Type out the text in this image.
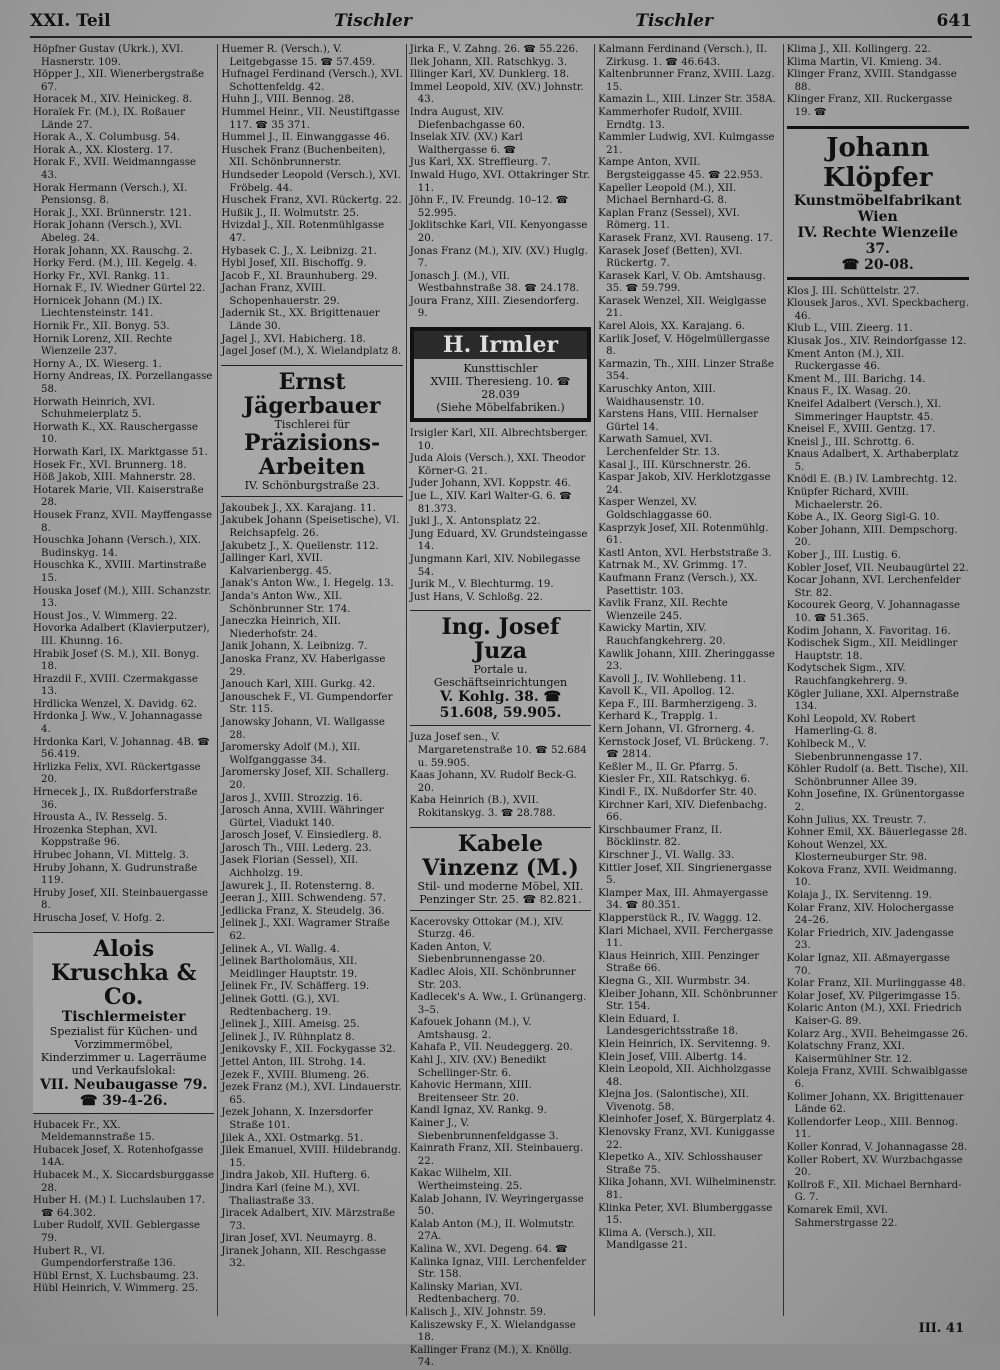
XXI. Teil	Tischler	Tischler	641

Höpfner Gustav (Ukrk.), XVI. Hasnerstr. 109.

Höpper J., XII. Wienerbergstraße 67.

Horacek M., XIV. Heinickeg. 8.

Horaïek Fr. (M.), IX. Roßauer Lände 27.

Horak A., X. Columbusg. 54.

Horak A., XX. Klosterg. 17.

Horak F., XVII. Weidmanngasse 43.

Horak Hermann (Versch.), XI. Pensionsg. 8.

Horak J., XXI. Brünnerstr. 121.

Horak Johann (Versch.), XVI. Abeleg. 24.

Horak Johann, XX. Rauschg. 2.

Horky Ferd. (M.), III. Kegelg. 4.

Horky Fr., XVI. Rankg. 11.

Hornak F., IV. Wiedner Gürtel 22.

Hornicek Johann (M.) IX. Liechtensteinstr. 141.

Hornik Fr., XII. Bonyg. 53.

Hornik Lorenz, XII. Rechte Wienzeile 237.

Horny A., IX. Wieserg. 1.

Horny Andreas, IX. Porzellangasse 58.

Horwath Heinrich, XVI. Schuhmeierplatz 5.

Horwath K., XX. Rauschergasse 10.

Horwath Karl, IX. Marktgasse 51.

Hosek Fr., XVI. Brunnerg. 18.

Höß Jakob, XIII. Mahnerstr. 28.

Hotarek Marie, VII. Kaiserstraße 28.

Housek Franz, XVII. Mayffengasse 8.

Houschka Johann (Versch.), XIX. Budinskyg. 14.

Houschka K., XVIII. Martinstraße 15.

Houska Josef (M.), XIII. Schanzstr. 13.

Houst Jos., V. Wimmerg. 22.

Hovorka Adalbert (Klavierputzer), III. Khunng. 16.

Hrabik Josef (S. M.), XII. Bonyg. 18.

Hrazdil F., XVIII. Czermakgasse 13.

Hrdlicka Wenzel, X. Davidg. 62.

Hrdonka J. Ww., V. Johannagasse 4.

Hrdonka Karl, V. Johannag. 4B. ☎ 56.419.

Hrlizka Felix, XVI. Rückertgasse 20.

Hrnecek J., IX. Rußdorferstraße 36.

Hrousta A., IV. Resselg. 5.

Hrozenka Stephan, XVI. Koppstraße 96.

Hrubec Johann, VI. Mittelg. 3.

Hruby Johann, X. Gudrunstraße 119.

Hruby Josef, XII. Steinbauergasse 8.

Hruscha Josef, V. Hofg. 2.

Alois Kruschka & Co.
Tischlermeister
Spezialist für Küchen- und Vorzimmermöbel, Kinderzimmer u. Lagerräume und Verkaufslokal:
VII. Neubaugasse 79. ☎ 39-4-26.

Hubacek Fr., XX. Meldemannstraße 15.

Hubacek Josef, X. Rotenhofgasse 14A.

Hubacek M., X. Siccardsburggasse 28.

Huber H. (M.) I. Luchslauben 17. ☎ 64.302.

Luber Rudolf, XVII. Geblergasse 79.

Hubert R., VI. Gumpendorferstraße 136.

Hübl Ernst, X. Luchsbaumg. 23.

Hübl Heinrich, V. Wimmerg. 25.

Huemer R. (Versch.), V. Leitgebgasse 15. ☎ 57.459.

Hufnagel Ferdinand (Versch.), XVI. Schottenfeldg. 42.

Huhn J., VIII. Bennog. 28.

Hummel Heinr., VII. Neustiftgasse 117. ☎ 35 371.

Hummel J., II. Einwanggasse 46.

Huschek Franz (Buchenbeiten), XII. Schönbrunnerstr.

Hundseder Leopold (Versch.), XVI. Fröbelg. 44.

Huschek Franz, XVI. Rückertg. 22.

Hußik J., II. Wolmutstr. 25.

Hvizdal J., XII. Rotenmühlgasse 47.

Hybasek C. J., X. Leibnizg. 21.

Hybl Josef, XII. Bischoffg. 9.

Jacob F., XI. Braunhuberg. 29.

Jachan Franz, XVIII. Schopenhauerstr. 29.

Jadernik St., XX. Brigittenauer Lände 30.

Jagel J., XVI. Habicherg. 18.

Jagel Josef (M.), X. Wielandplatz 8.

Ernst Jägerbauer
Tischlerei für
Präzisions-Arbeiten
IV. Schönburgstraße 23.

Jakoubek J., XX. Karajang. 11.

Jakubek Johann (Speisetische), VI. Reichsapfelg. 26.

Jakubetz J., X. Quellenstr. 112.

Jallinger Karl, XVII. Kalvarienbergg. 45.

Janak's Anton Ww., I. Hegelg. 13.

Janda's Anton Ww., XII. Schönbrunner Str. 174.

Janeczka Heinrich, XII. Niederhofstr. 24.

Janik Johann, X. Leibnizg. 7.

Janoska Franz, XV. Haberlgasse 29.

Janouch Karl, XIII. Gurkg. 42.

Janouschek F., VI. Gumpendorfer Str. 115.

Janowsky Johann, VI. Wallgasse 28.

Jaromersky Adolf (M.), XII. Wolfganggasse 34.

Jaromersky Josef, XII. Schallerg. 20.

Jaros J., XVIII. Strozzig. 16.

Jarosch Anna, XVIII. Währinger Gürtel, Viadukt 140.

Jarosch Josef, V. Einsiedlerg. 8.

Jarosch Th., VIII. Lederg. 23.

Jasek Florian (Sessel), XII. Aichholzg. 19.

Jawurek J., II. Rotensterng. 8.

Jeeran J., XIII. Schwendeng. 57.

Jedlicka Franz, X. Steudelg. 36.

Jelinek J., XXI. Wagramer Straße 62.

Jelinek A., VI. Wallg. 4.

Jelinek Bartholomäus, XII. Meidlinger Hauptstr. 19.

Jelinek Fr., IV. Schäfferg. 19.

Jelinek Gottl. (G.), XVI. Redtenbacherg. 19.

Jelinek J., XIII. Ameisg. 25.

Jelinek J., IV. Rühnplatz 8.

Jenikovsky F., XII. Fockygasse 32.

Jettel Anton, III. Strohg. 14.

Jezek F., XVIII. Blumeng. 26.

Jezek Franz (M.), XVI. Lindauerstr. 65.

Jezek Johann, X. Inzersdorfer Straße 101.

Jilek A., XXI. Ostmarkg. 51.

Jilek Emanuel, XVIII. Hildebrandg. 15.

Jindra Jakob, XII. Hufterg. 6.

Jindra Karl (feine M.), XVI. Thaliastraße 33.

Jiracek Adalbert, XIV. Märzstraße 73.

Jiran Josef, XVI. Neumayrg. 8.

Jiranek Johann, XII. Reschgasse 32.

Jirka F., V. Zahng. 26. ☎ 55.226.

Ilek Johann, XII. Ratschkyg. 3.

Illinger Karl, XV. Dunklerg. 18.

Immel Leopold, XIV. (XV.) Johnstr. 43.

Indra August, XIV. Diefenbachgasse 60.

Inselak XIV. (XV.) Karl Walthergasse 6. ☎

Jus Karl, XX. Streffleurg. 7.

Inwald Hugo, XVI. Ottakringer Str. 11.

Jöhn F., IV. Freundg. 10–12. ☎ 52.995.

Joklitschke Karl, VII. Kenyongasse 20.

Jonas Franz (M.), XIV. (XV.) Huglg. 7.

Jonasch J. (M.), VII. Westbahnstraße 38. ☎ 24.178.

Joura Franz, XIII. Ziesendorferg. 9.

H. Irmler
Kunsttischler
XVIII. Theresieng. 10. ☎ 28.039
(Siehe Möbelfabriken.)

Irsigler Karl, XII. Albrechtsberger. 10.

Juda Alois (Versch.), XXI. Theodor Körner-G. 21.

Juder Johann, XVI. Koppstr. 46.

Jue L., XIV. Karl Walter-G. 6. ☎ 81.373.

Jukl J., X. Antonsplatz 22.

Jung Eduard, XV. Grundsteingasse 14.

Jungmann Karl, XIV. Nobilegasse 54.

Jurik M., V. Blechturmg. 19.

Just Hans, V. Schloßg. 22.

Ing. Josef Juza
Portale u. Geschäftseinrichtungen
V. Kohlg. 38. ☎ 51.608, 59.905.

Juza Josef sen., V. Margaretenstraße 10. ☎ 52.684 u. 59.905.

Kaas Johann, XV. Rudolf Beck-G. 20.

Kaba Heinrich (B.), XVII. Rokitanskyg. 3. ☎ 28.788.

Kabele Vinzenz (M.)
Stil- und moderne Möbel, XII. Penzinger Str. 25. ☎ 82.821.

Kacerovsky Ottokar (M.), XIV. Sturzg. 46.

Kaden Anton, V. Siebenbrunnengasse 20.

Kadlec Alois, XII. Schönbrunner Str. 203.

Kadlecek's A. Ww., I. Grünangerg. 3–5.

Kafouek Johann (M.), V. Amtshausg. 2.

Kahafa P., VII. Neudeggerg. 20.

Kahl J., XIV. (XV.) Benedikt Schellinger-Str. 6.

Kahovic Hermann, XIII. Breitenseer Str. 20.

Kandl Ignaz, XV. Rankg. 9.

Kainer J., V. Siebenbrunnenfeldgasse 3.

Kainrath Franz, XII. Steinbauerg. 22.

Kakac Wilhelm, XII. Wertheimsteing. 25.

Kalab Johann, IV. Weyringergasse 50.

Kalab Anton (M.), II. Wolmutstr. 27A.

Kalina W., XVI. Degeng. 64. ☎

Kalinka Ignaz, VIII. Lerchenfelder Str. 158.

Kalinsky Marian, XVI. Redtenbacherg. 70.

Kalisch J., XIV. Johnstr. 59.

Kaliszewsky F., X. Wielandgasse 18.

Kallinger Franz (M.), X. Knöllg. 74.

Kalmann Ferdinand (Versch.), II. Zirkusg. 1. ☎ 46.643.

Kaltenbrunner Franz, XVIII. Lazg. 15.

Kamazin L., XIII. Linzer Str. 358A.

Kammerhofer Rudolf, XVIII. Erndtg. 13.

Kammler Ludwig, XVI. Kulmgasse 21.

Kampe Anton, XVII. Bergsteiggasse 45. ☎ 22.953.

Kapeller Leopold (M.), XII. Michael Bernhard-G. 8.

Kaplan Franz (Sessel), XVI. Römerg. 11.

Karasek Franz, XVI. Rauseng. 17.

Karasek Josef (Betten), XVI. Rückertg. 7.

Karasek Karl, V. Ob. Amtshausg. 35. ☎ 59.799.

Karasek Wenzel, XII. Weiglgasse 21.

Karel Alois, XX. Karajang. 6.

Karlik Josef, V. Högelmüllergasse 8.

Karmazin, Th., XIII. Linzer Straße 354.

Karuschky Anton, XIII. Waidhausenstr. 10.

Karstens Hans, VIII. Hernalser Gürtel 14.

Karwath Samuel, XVI. Lerchenfelder Str. 13.

Kasal J., III. Kürschnerstr. 26.

Kaspar Jakob, XIV. Herklotzgasse 24.

Kasper Wenzel, XV. Goldschlaggasse 60.

Kasprzyk Josef, XII. Rotenmühlg. 61.

Kastl Anton, XVI. Herbststraße 3.

Katrnak M., XV. Grimmg. 17.

Kaufmann Franz (Versch.), XX. Pasettistr. 103.

Kavlik Franz, XII. Rechte Wienzeile 245.

Kawicky Martin, XIV. Rauchfangkehrerg. 20.

Kawlik Johann, XIII. Zheringgasse 23.

Kavoll J., IV. Wohllebeng. 11.

Kavoll K., VII. Apollog. 12.

Kepa F., III. Barmherzigeng. 3.

Kerhard K., Trapplg. 1.

Kern Johann, VI. Gfrornerg. 4.

Kernstock Josef, VI. Brückeng. 7. ☎ 2814.

Keßler M., II. Gr. Pfarrg. 5.

Kiesler Fr., XII. Ratschkyg. 6.

Kindl F., IX. Nußdorfer Str. 40.

Kirchner Karl, XIV. Diefenbachg. 66.

Kirschbaumer Franz, II. Böcklinstr. 82.

Kirschner J., VI. Wallg. 33.

Kittler Josef, XII. Singrienergasse 5.

Klamper Max, III. Ahmayergasse 34. ☎ 80.351.

Klapperstück R., IV. Waggg. 12.

Klari Michael, XVII. Ferchergasse 11.

Klaus Heinrich, XIII. Penzinger Straße 66.

Klegna G., XII. Wurmbstr. 34.

Kleiber Johann, XII. Schönbrunner Str. 154.

Klein Eduard, I. Landesgerichtsstraße 18.

Klein Heinrich, IX. Servitenng. 9.

Klein Josef, VIII. Albertg. 14.

Klein Leopold, XII. Aichholzgasse 48.

Klejna Jos. (Salontische), XII. Vivenotg. 58.

Kleinhofer Josef, X. Bürgerplatz 4.

Klenovsky Franz, XVI. Kuniggasse 22.

Klepetko A., XIV. Schlosshauser Straße 75.

Klika Johann, XVI. Wilhelminenstr. 81.

Klinka Peter, XVI. Blumberggasse 15.

Klima A. (Versch.), XII. Mandlgasse 21.

Klima J., XII. Kollingerg. 22.

Klima Martin, VI. Kmieng. 34.

Klinger Franz, XVIII. Standgasse 88.

Klinger Franz, XII. Ruckergasse 19. ☎

Johann Klöpfer
Kunstmöbelfabrikant
Wien
IV. Rechte Wienzeile 37.
☎ 20-08.

Klos J. III. Schüttelstr. 27.

Klousek Jaros., XVI. Speckbacherg. 46.

Klub L., VIII. Zieerg. 11.

Klusak Jos., XIV. Reindorfgasse 12.

Kment Anton (M.), XII. Ruckergasse 46.

Kment M., III. Barichg. 14.

Knaus F., IX. Wasag. 20.

Kneifel Adalbert (Versch.), XI. Simmeringer Hauptstr. 45.

Kneisel F., XVIII. Gentzg. 17.

Kneisl J., III. Schrottg. 6.

Knaus Adalbert, X. Arthaberplatz 5.

Knödl E. (B.) IV. Lambrechtg. 12.

Knüpfer Richard, XVIII. Michaelerstr. 26.

Kobe A., IX. Georg Sigl-G. 10.

Kober Johann, XIII. Dempschorg. 20.

Kober J., III. Lustig. 6.

Kobler Josef, VII. Neubaugürtel 22.

Kocar Johann, XVI. Lerchenfelder Str. 82.

Kocourek Georg, V. Johannagasse 10. ☎ 51.365.

Kodim Johann, X. Favoritag. 16.

Kodischek Sigm., XII. Meidlinger Hauptstr. 18.

Kodytschek Sigm., XIV. Rauchfangkehrerg. 9.

Kögler Juliane, XXI. Alpernstraße 134.

Kohl Leopold, XV. Robert Hamerling-G. 8.

Kohlbeck M., V. Siebenbrunnengasse 17.

Köhler Rudolf (a. Bett. Tische), XII. Schönbrunner Allee 39.

Kohn Josefine, IX. Grünentorgasse 2.

Kohn Julius, XX. Treustr. 7.

Kohner Emil, XX. Bäuerlegasse 28.

Kohout Wenzel, XX. Klosterneuburger Str. 98.

Kokova Franz, XVII. Weidmanng. 10.

Kolaja J., IX. Servitenng. 19.

Kolar Franz, XIV. Holochergasse 24–26.

Kolar Friedrich, XIV. Jadengasse 23.

Kolar Ignaz, XII. Aßmayergasse 70.

Kolar Franz, XII. Murlinggasse 48.

Kolar Josef, XV. Pilgerimgasse 15.

Kolaric Anton (M.), XXI. Friedrich Kaiser-G. 89.

Kolarz Arg., XVII. Beheimgasse 26.

Kolatschny Franz, XXI. Kaisermühlner Str. 12.

Koleja Franz, XVIII. Schwaiblgasse 6.

Kolimer Johann, XX. Brigittenauer Lände 62.

Kollendorfer Leop., XIII. Bennog. 11.

Koller Konrad, V. Johannagasse 28.

Koller Robert, XV. Wurzbachgasse 20.

Kollroß F., XII. Michael Bernhard-G. 7.

Komarek Emil, XVI. Sahmerstrgasse 22.

III. 41
